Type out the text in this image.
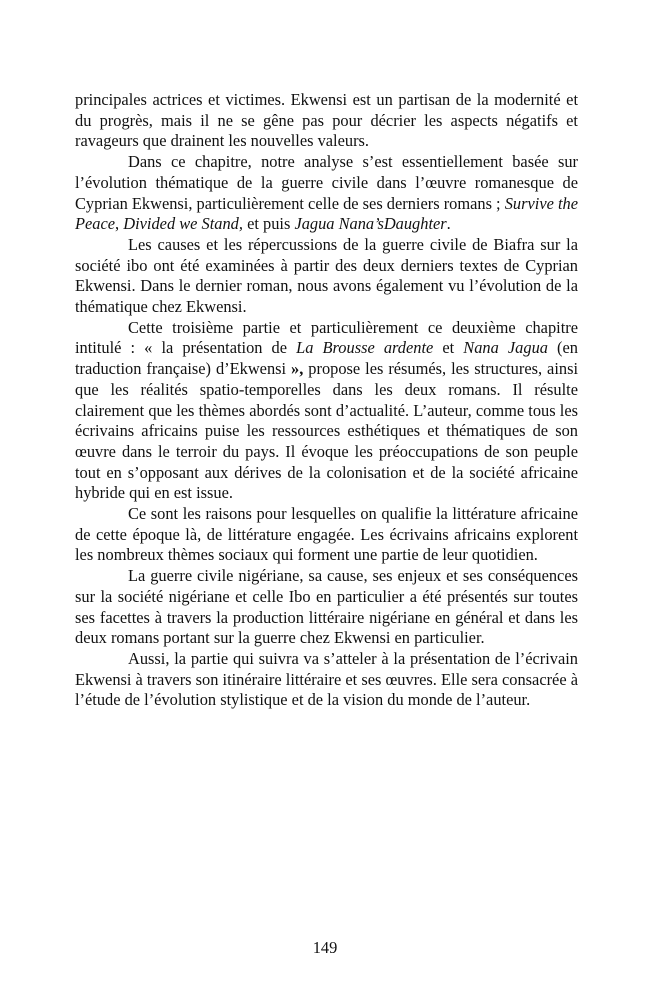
principales actrices et victimes. Ekwensi est un partisan de la modernité et du progrès, mais il ne se gêne pas pour décrier les aspects négatifs et ravageurs que drainent les nouvelles valeurs.

Dans ce chapitre, notre analyse s’est essentiellement basée sur l’évolution thématique de la guerre civile dans l’œuvre romanesque de Cyprian Ekwensi, particulièrement celle de ses derniers romans ; Survive the Peace, Divided we Stand, et puis Jagua Nana’sDaughter.

Les causes et les répercussions de la guerre civile de Biafra sur la société ibo ont été examinées à partir des deux derniers textes de Cyprian Ekwensi. Dans le dernier roman, nous avons également vu l’évolution de la thématique chez Ekwensi.

Cette troisième partie et particulièrement ce deuxième chapitre intitulé : « la présentation de La Brousse ardente et Nana Jagua (en traduction française) d’Ekwensi », propose les résumés, les structures, ainsi que les réalités spatio-temporelles dans les deux romans. Il résulte clairement que les thèmes abordés sont d’actualité. L’auteur, comme tous les écrivains africains puise les ressources esthétiques et thématiques de son œuvre dans le terroir du pays. Il évoque les préoccupations de son peuple tout en s’opposant aux dérives de la colonisation et de la société africaine hybride qui en est issue.

Ce sont les raisons pour lesquelles on qualifie la littérature africaine de cette époque là, de littérature engagée. Les écrivains africains explorent les nombreux thèmes sociaux qui forment une partie de leur quotidien.

La guerre civile nigériane, sa cause, ses enjeux et ses conséquences sur la société nigériane et celle Ibo en particulier a été présentés sur toutes ses facettes à travers la production littéraire nigériane en général et dans les deux romans portant sur la guerre chez Ekwensi en particulier.

Aussi, la partie qui suivra va s’atteler à la présentation de l’écrivain Ekwensi à travers son itinéraire littéraire et ses œuvres. Elle sera consacrée à l’étude de l’évolution stylistique et de la vision du monde de l’auteur.

149
